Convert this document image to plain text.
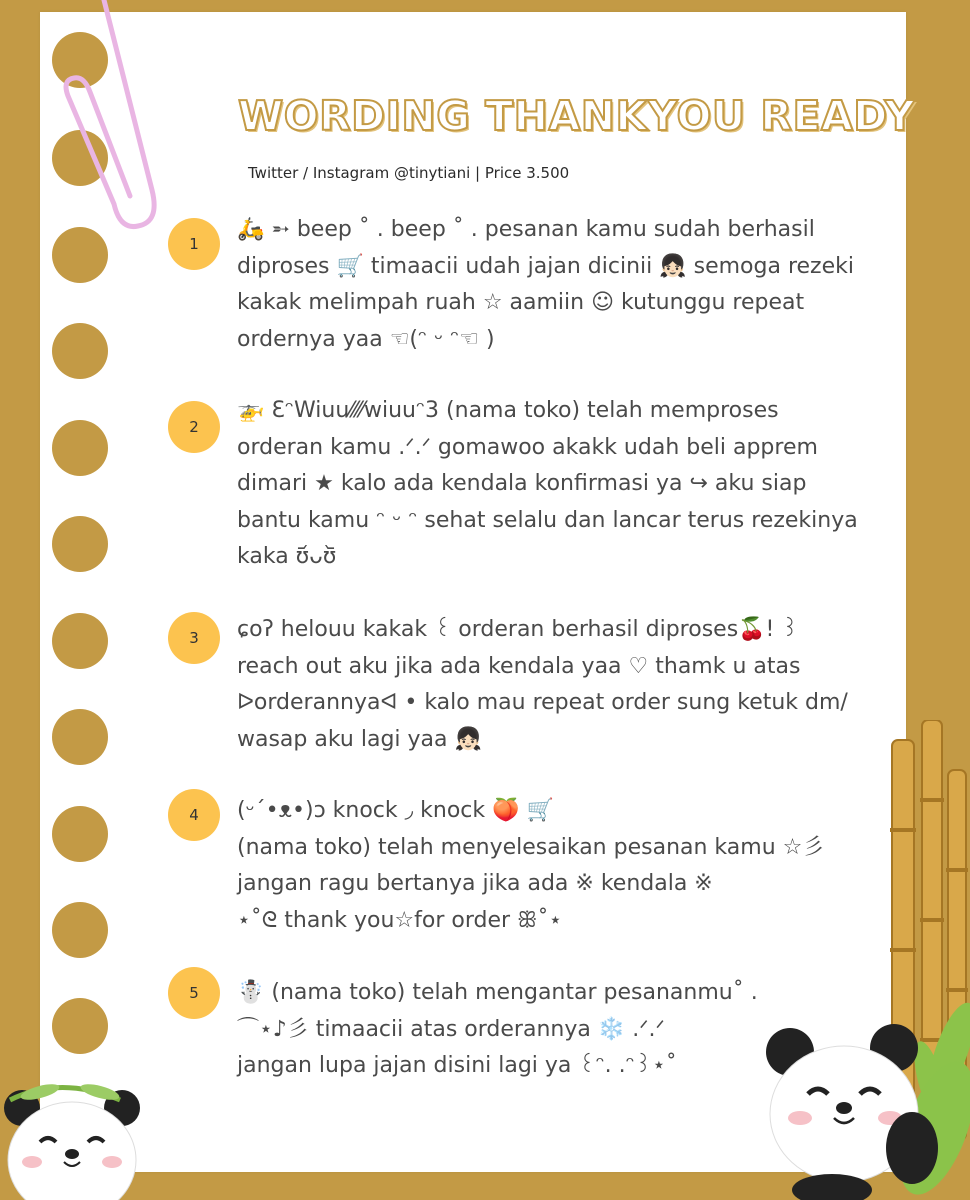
WORDING THANKYOU READY
Twitter / Instagram @tinytiani | Price 3.500
1
🛵 ➵ beep ˚ . beep ˚ . pesanan kamu sudah berhasil diproses 🛒 timaacii udah jajan dicinii 👧🏻 semoga rezeki kakak melimpah ruah ☆ aamiin ☺ kutunggu repeat ordernya yaa ☜(ᵔ ᵕ ᵔ☜ )
2
🚁 ƐᵔWiuu⁄⁄⁄⁄wiuuᵔ3 (nama toko) telah memproses orderan kamu .ᐟ.ᐟ gomawoo akakk udah beli apprem dimari ★ kalo ada kendala konfirmasi ya ↪ aku siap bantu kamu ᵔ ᵕ ᵔ sehat selalu dan lancar terus rezekinya kaka ʊ᷄ᴗʊ᷅
3	ɕoʔ helouu kakak ꒰ orderan berhasil diproses🍒! ꒱ reach out aku jika ada kendala yaa ♡ thamk u atas ᐅorderannyaᐊ • kalo mau repeat order sung ketuk dm/ wasap aku lagi yaa 👧🏻
4	(ᵕ´•ᴥ•)ɔ knock ◞ knock 🍑 🛒
(nama toko) telah menyelesaikan pesanan kamu ☆彡
jangan ragu bertanya jika ada ※ kendala ※
⋆˚ᘓ thank you☆for order ꕥ˚⋆
5	☃️ (nama toko) telah mengantar pesananmu˚ .
⌒⋆♪彡 timaacii atas orderannya ❄️ .ᐟ.ᐟ
jangan lupa jajan disini lagi ya ꒰ᵔ. .ᵔ꒱⋆˚
